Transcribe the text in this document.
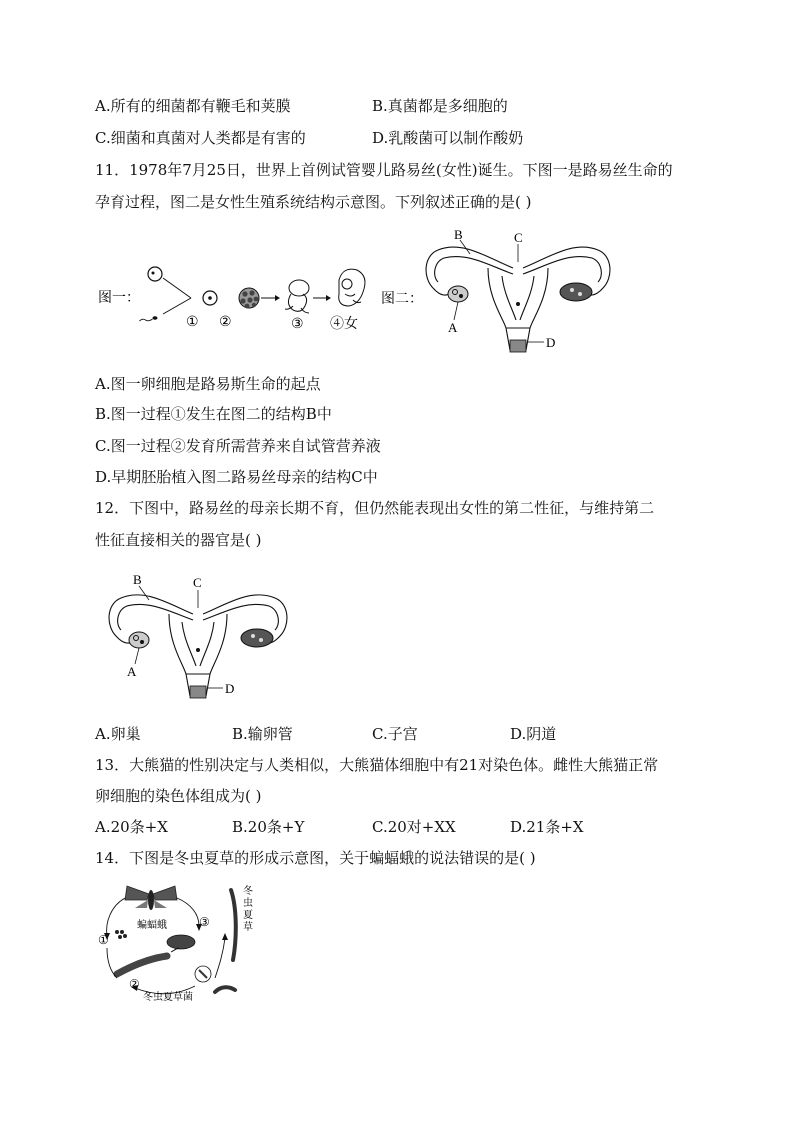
A.所有的细菌都有鞭毛和荚膜	B.真菌都是多细胞的
C.细菌和真菌对人类都是有害的	D.乳酸菌可以制作酸奶
11．1978年7月25日，世界上首例试管婴儿路易丝(女性)诞生。下图一是路易丝生命的
孕育过程，图二是女性生殖系统结构示意图。下列叙述正确的是( )
图一：
① ②	③ ④女
图二：
B	C
A
D
A.图一卵细胞是路易斯生命的起点
B.图一过程①发生在图二的结构B中
C.图一过程②发育所需营养来自试管营养液
D.早期胚胎植入图二路易丝母亲的结构C中
12．下图中，路易丝的母亲长期不育，但仍然能表现出女性的第二性征，与维持第二
性征直接相关的器官是( )
B	C
A
D
A.卵巢	B.输卵管	C.子宫	D.阴道
13．大熊猫的性别决定与人类相似，大熊猫体细胞中有21对染色体。雌性大熊猫正常
卵细胞的染色体组成为( )
A.20条+X	B.20条+Y	C.20对+XX	D.21条+X
14．下图是冬虫夏草的形成示意图，关于蝙蝠蛾的说法错误的是( )
蝙蝠蛾
①
③
②
冬虫夏草菌
冬虫夏草
